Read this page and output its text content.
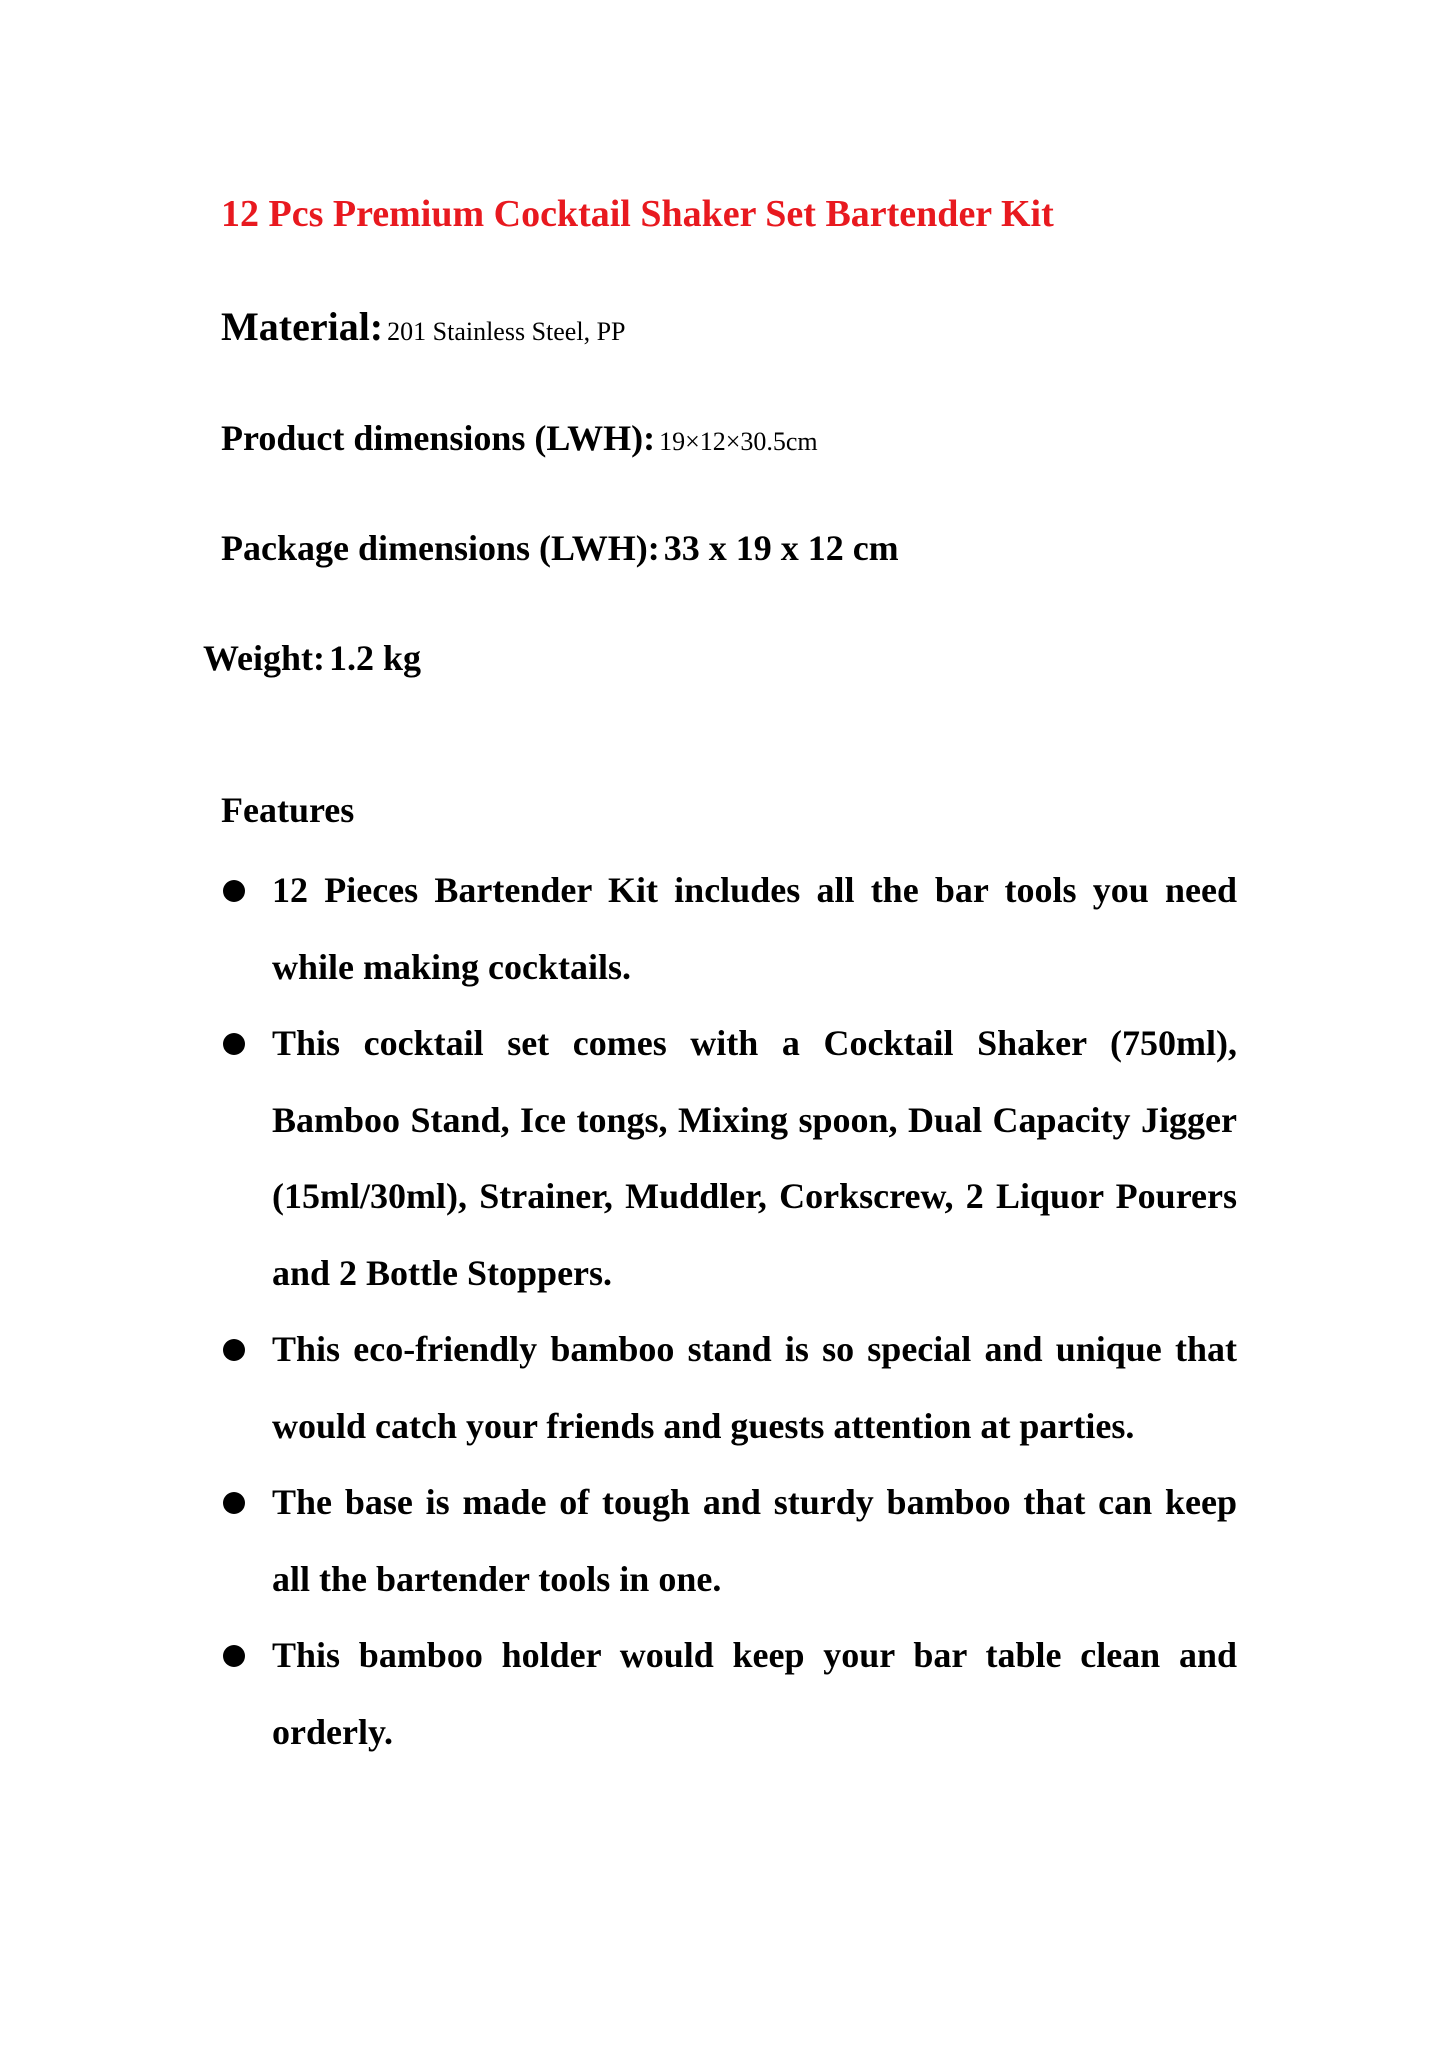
12 Pcs Premium Cocktail Shaker Set Bartender Kit
Material: 201 Stainless Steel, PP
Product dimensions (LWH): 19×12×30.5cm
Package dimensions (LWH): 33 x 19 x 12 cm
Weight: 1.2 kg
Features
12 Pieces Bartender Kit includes all the bar tools you need while making cocktails.
This cocktail set comes with a Cocktail Shaker (750ml), Bamboo Stand, Ice tongs, Mixing spoon, Dual Capacity Jigger (15ml/30ml), Strainer, Muddler, Corkscrew, 2 Liquor Pourers and 2 Bottle Stoppers.
This eco-friendly bamboo stand is so special and unique that would catch your friends and guests attention at parties.
The base is made of tough and sturdy bamboo that can keep all the bartender tools in one.
This bamboo holder would keep your bar table clean and orderly.
